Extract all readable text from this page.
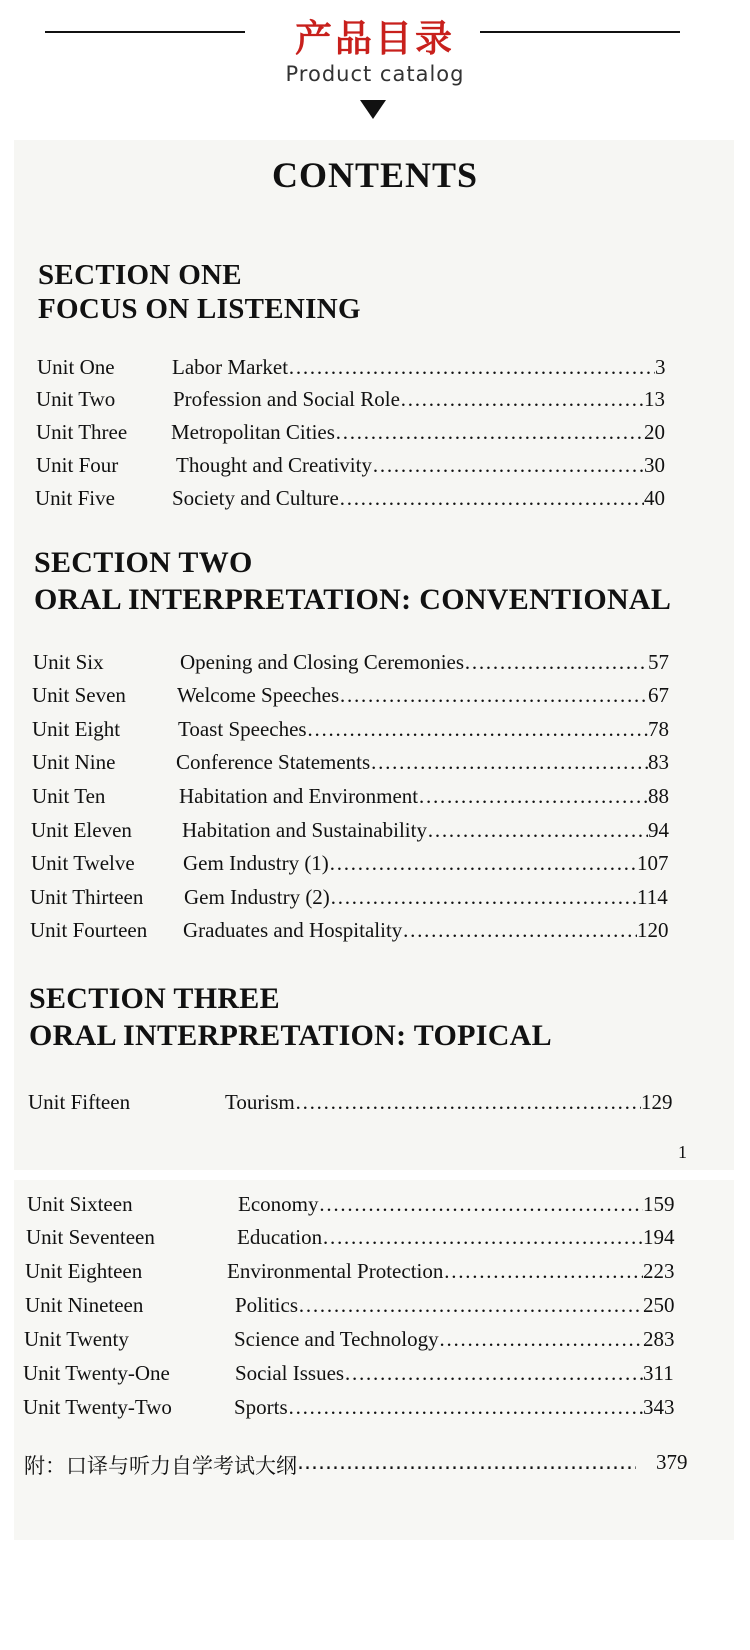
产品目录
Product catalog
CONTENTS
SECTION ONE
FOCUS ON LISTENING
SECTION TWO
ORAL INTERPRETATION: CONVENTIONAL
SECTION THREE
ORAL INTERPRETATION: TOPICAL
Unit One	Labor Market ……………………………………………………………………………………………………………………………	3
Unit Two	Profession and Social Role ……………………………………………………………………………………………………………………………	13
Unit Three Metropolitan Cities ……………………………………………………………………………………………………………………………	20
Unit Four	Thought and Creativity ……………………………………………………………………………………………………………………………	30
Unit Five	Society and Culture ……………………………………………………………………………………………………………………………	40
Unit Six	Opening and Closing Ceremonies ……………………………………………………………………………………………………………………………	57
Unit Seven Welcome Speeches ……………………………………………………………………………………………………………………………	67
Unit Eight	Toast Speeches ……………………………………………………………………………………………………………………………	78
Unit Nine	Conference Statements ……………………………………………………………………………………………………………………………	83
Unit Ten	Habitation and Environment ……………………………………………………………………………………………………………………………	88
Unit Eleven Habitation and Sustainability ……………………………………………………………………………………………………………………………	94
Unit Twelve Gem Industry (1) ……………………………………………………………………………………………………………………………	107
Unit Thirteen Gem Industry (2) ……………………………………………………………………………………………………………………………	114
Unit Fourteen Graduates and Hospitality ……………………………………………………………………………………………………………………………	120
Unit Fifteen	Tourism ……………………………………………………………………………………………………………………………	129
Unit Sixteen	Economy ……………………………………………………………………………………………………………………………	159
Unit Seventeen	Education ……………………………………………………………………………………………………………………………	194
Unit Eighteen	Environmental Protection ……………………………………………………………………………………………………………………………	223
Unit Nineteen	Politics ……………………………………………………………………………………………………………………………	250
Unit Twenty	Science and Technology ……………………………………………………………………………………………………………………………	283
Unit Twenty-One	Social Issues ……………………………………………………………………………………………………………………………	311
Unit Twenty-Two	Sports ……………………………………………………………………………………………………………………………	343
附：口译与听力自学考试大纲 ……………………………………………………………………………………………………………………………	379
1
